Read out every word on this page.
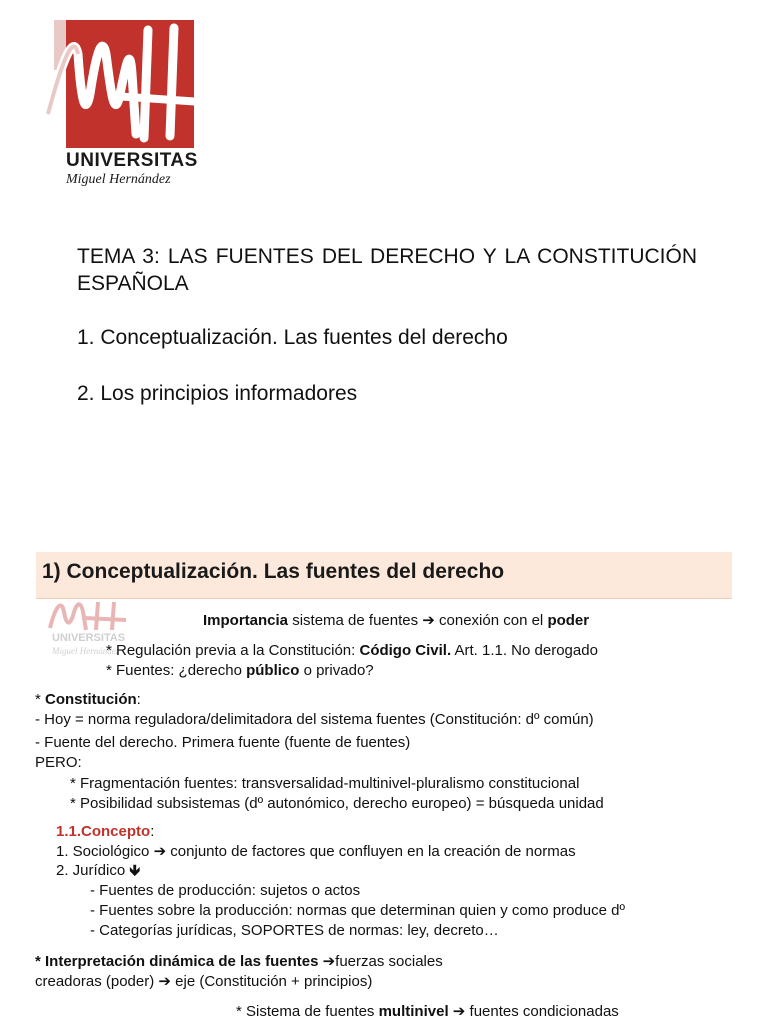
UNIVERSITAS
Miguel Hernández
TEMA 3: LAS FUENTES DEL DERECHO Y LA CONSTITUCIÓN ESPAÑOLA
1. Conceptualización. Las fuentes del derecho
2. Los principios informadores
1) Conceptualización. Las fuentes del derecho
UNIVERSITAS
Miguel Hernández
Importancia sistema de fuentes ➔ conexión con el poder
* Regulación previa a la Constitución: Código Civil. Art. 1.1. No derogado
* Fuentes: ¿derecho público o privado?
* Constitución:
- Hoy = norma reguladora/delimitadora del sistema fuentes (Constitución: dº común)
- Fuente del derecho. Primera fuente (fuente de fuentes)
PERO:
* Fragmentación fuentes: transversalidad-multinivel-pluralismo constitucional
* Posibilidad subsistemas (dº autonómico, derecho europeo) = búsqueda unidad
1.1.Concepto:
1. Sociológico ➔ conjunto de factores que confluyen en la creación de normas
2. Jurídico 🡻
- Fuentes de producción: sujetos o actos
- Fuentes sobre la producción: normas que determinan quien y como produce dº
- Categorías jurídicas, SOPORTES de normas: ley, decreto…
* Interpretación dinámica de las fuentes ➔fuerzas sociales
creadoras (poder) ➔ eje (Constitución + principios)
* Sistema de fuentes multinivel ➔ fuentes condicionadas
